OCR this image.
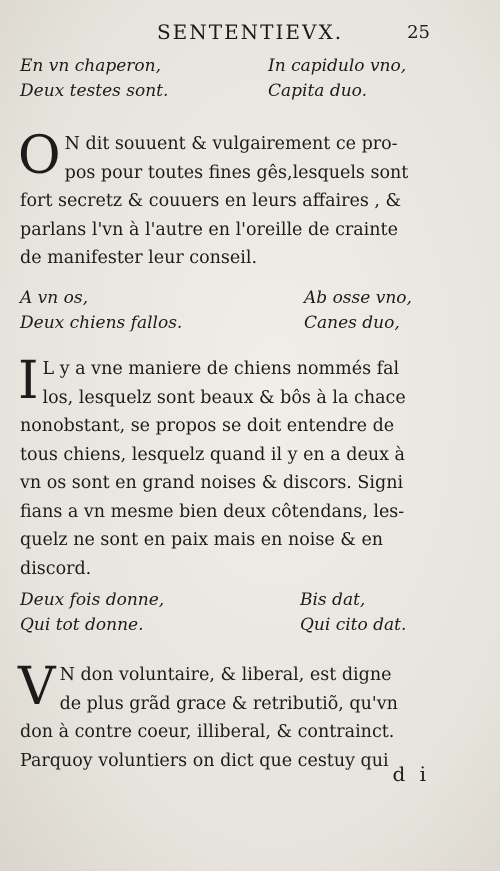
SENTENTIEVX.	25
En vn chaperon,	In capidulo vno,
Deux testes sont.	Capita duo.
O N dit souuent & vulgairement ce pro-
pos pour toutes fines gês,lesquels sont
fort secretz & couuers en leurs affaires , &
parlans l'vn à l'autre en l'oreille de crainte
de manifester leur conseil.
A vn os,	Ab osse vno,
Deux chiens fallos.	Canes duo,
I L y a vne maniere de chiens nommés fal
los, lesquelz sont beaux & bôs à la chace
nonobstant, se propos se doit entendre de
tous chiens, lesquelz quand il y en a deux à
vn os sont en grand noises & discors. Signi
fians a vn mesme bien deux côtendans, les-
quelz ne sont en paix mais en noise & en
discord.
Deux fois donne,	Bis dat,
Qui tot donne.	Qui cito dat.
V N don voluntaire, & liberal, est digne
de plus grãd grace & retributiõ, qu'vn
don à contre coeur, illiberal, & contrainct.
Parquoy voluntiers on dict que cestuy qui
d i
